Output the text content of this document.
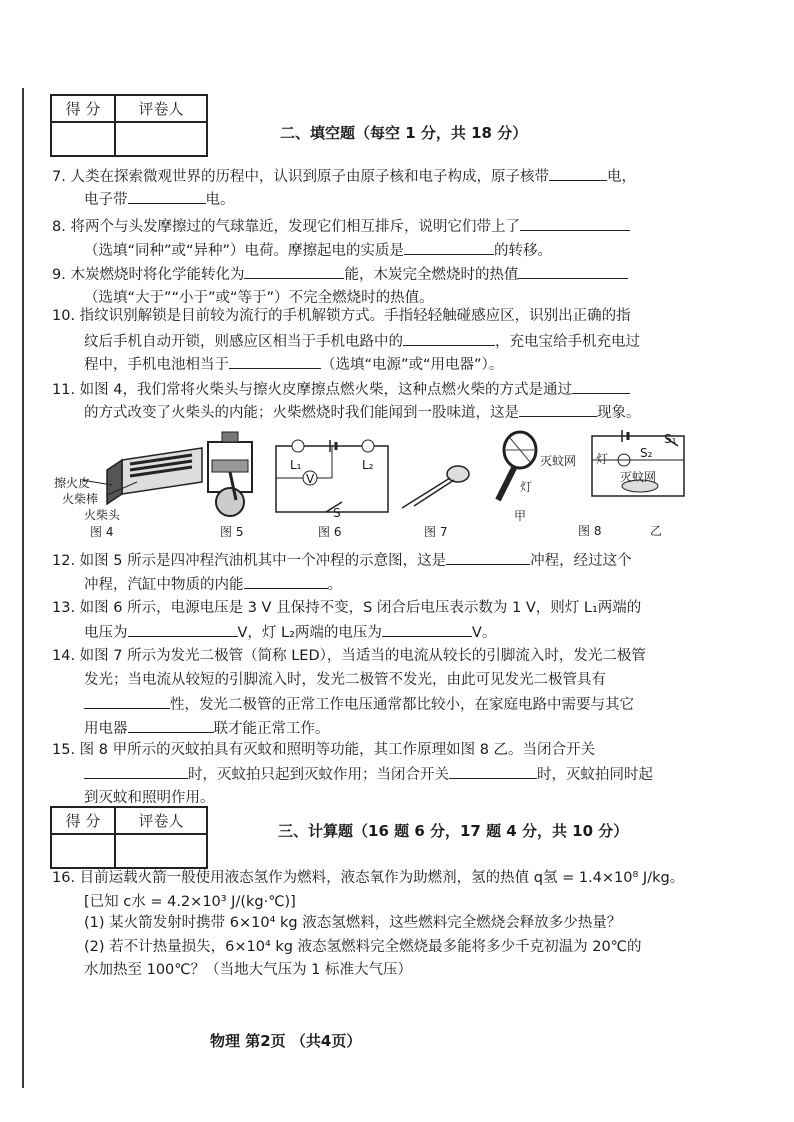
得 分	评卷人

二、填空题（每空 1 分，共 18 分）
7. 人类在探索微观世界的历程中，认识到原子由原子核和电子构成，原子核带	电，
电子带	电。
8. 将两个与头发摩擦过的气球靠近，发现它们相互排斥，说明它们带上了
（选填“同种”或“异种”）电荷。摩擦起电的实质是	的转移。
9. 木炭燃烧时将化学能转化为	能，木炭完全燃烧时的热值
（选填“大于”“小于”或“等于”）不完全燃烧时的热值。
10. 指纹识别解锁是目前较为流行的手机解锁方式。手指轻轻触碰感应区，识别出正确的指
纹后手机自动开锁，则感应区相当于手机电路中的	，充电宝给手机充电过
程中，手机电池相当于	（选填“电源”或“用电器”）。
11. 如图 4，我们常将火柴头与擦火皮摩擦点燃火柴，这种点燃火柴的方式是通过
的方式改变了火柴头的内能；火柴燃烧时我们能闻到一股味道，这是	现象。
擦火皮
火柴棒
火柴头
图 4	图 5
L₁	L₂
V
S
图 6	图 7
灯
灭蚊网
甲
灯	S₂
S₁
灭蚊网
图 8	乙
12. 如图 5 所示是四冲程汽油机其中一个冲程的示意图，这是	冲程，经过这个
冲程，汽缸中物质的内能	。
13. 如图 6 所示，电源电压是 3 V 且保持不变，S 闭合后电压表示数为 1 V，则灯 L₁两端的
电压为	V，灯 L₂两端的电压为	V。
14. 如图 7 所示为发光二极管（简称 LED），当适当的电流从较长的引脚流入时，发光二极管
发光；当电流从较短的引脚流入时，发光二极管不发光，由此可见发光二极管具有
性，发光二极管的正常工作电压通常都比较小，在家庭电路中需要与其它
用电器	联才能正常工作。
15. 图 8 甲所示的灭蚊拍具有灭蚊和照明等功能，其工作原理如图 8 乙。当闭合开关
时，灭蚊拍只起到灭蚊作用；当闭合开关	时，灭蚊拍同时起
到灭蚊和照明作用。
得 分	评卷人

三、计算题（16 题 6 分，17 题 4 分，共 10 分）
16. 目前运载火箭一般使用液态氢作为燃料，液态氧作为助燃剂，氢的热值 q氢 = 1.4×10⁸ J/kg。
[已知 c水 = 4.2×10³ J/(kg·℃)]
(1) 某火箭发射时携带 6×10⁴ kg 液态氢燃料，这些燃料完全燃烧会释放多少热量？
(2) 若不计热量损失，6×10⁴ kg 液态氢燃料完全燃烧最多能将多少千克初温为 20℃的
水加热至 100℃？（当地大气压为 1 标准大气压）
物理 第2页 （共4页）
